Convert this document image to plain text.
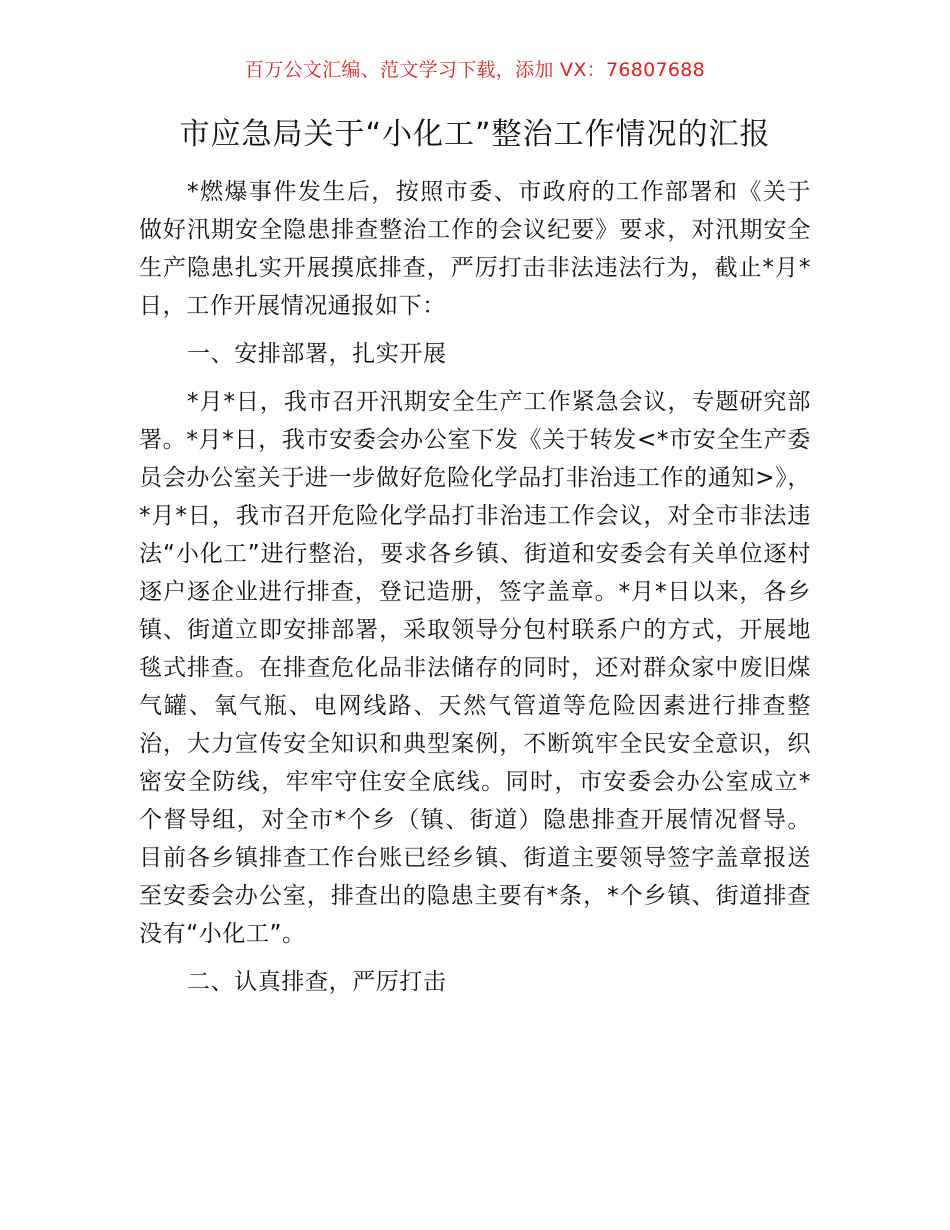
百万公文汇编、范文学习下载，添加 VX：76807688
市应急局关于“小化工”整治工作情况的汇报

*燃爆事件发生后，按照市委、市政府的工作部署和《关于做好汛期安全隐患排查整治工作的会议纪要》要求，对汛期安全生产隐患扎实开展摸底排查，严厉打击非法违法行为，截止*月*日，工作开展情况通报如下：

一、安排部署，扎实开展

*月*日，我市召开汛期安全生产工作紧急会议，专题研究部署。*月*日，我市安委会办公室下发《关于转发<*市安全生产委员会办公室关于进一步做好危险化学品打非治违工作的通知>》，*月*日，我市召开危险化学品打非治违工作会议，对全市非法违法“小化工”进行整治，要求各乡镇、街道和安委会有关单位逐村逐户逐企业进行排查，登记造册，签字盖章。*月*日以来，各乡镇、街道立即安排部署，采取领导分包村联系户的方式，开展地毯式排查。在排查危化品非法储存的同时，还对群众家中废旧煤气罐、氧气瓶、电网线路、天然气管道等危险因素进行排查整治，大力宣传安全知识和典型案例，不断筑牢全民安全意识，织密安全防线，牢牢守住安全底线。同时，市安委会办公室成立*个督导组，对全市*个乡（镇、街道）隐患排查开展情况督导。目前各乡镇排查工作台账已经乡镇、街道主要领导签字盖章报送至安委会办公室，排查出的隐患主要有*条，*个乡镇、街道排查没有“小化工”。

二、认真排查，严厉打击
